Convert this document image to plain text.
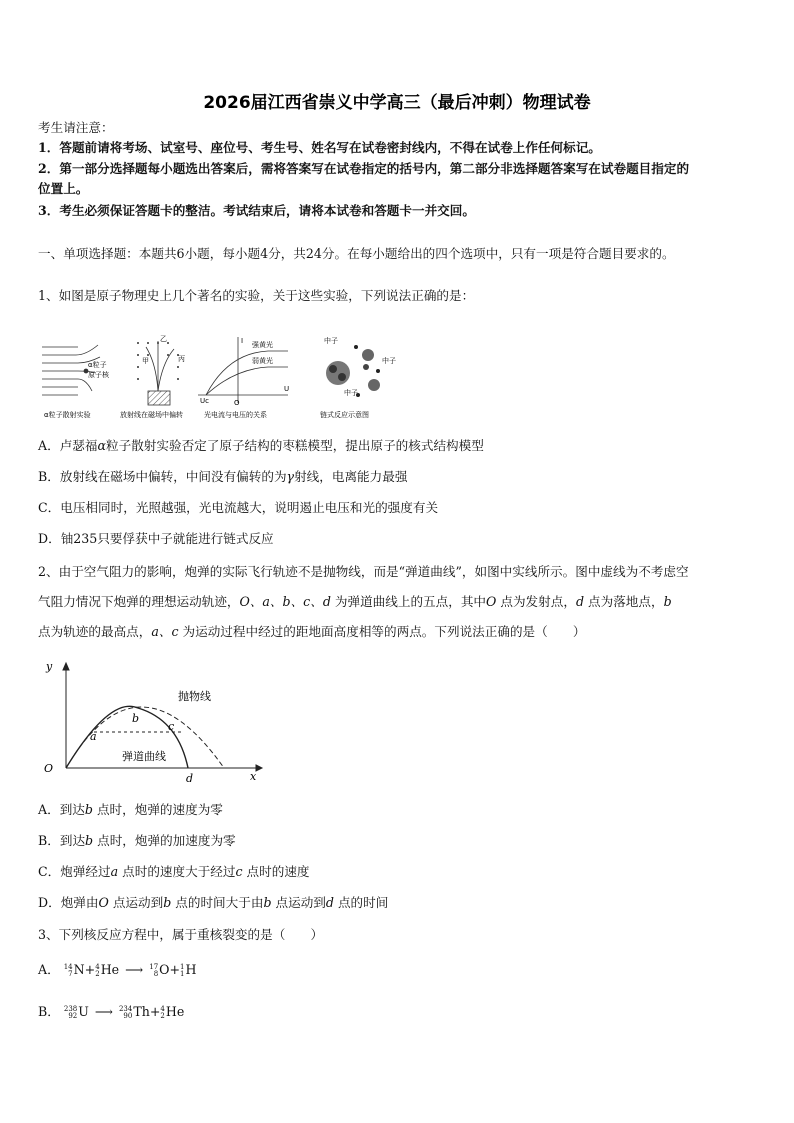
2026届江西省崇义中学高三（最后冲刺）物理试卷
考生请注意：
1．答题前请将考场、试室号、座位号、考生号、姓名写在试卷密封线内，不得在试卷上作任何标记。
2．第一部分选择题每小题选出答案后，需将答案写在试卷指定的括号内，第二部分非选择题答案写在试卷题目指定的
位置上。
3．考生必须保证答题卡的整洁。考试结束后，请将本试卷和答题卡一并交回。
一、单项选择题：本题共6小题，每小题4分，共24分。在每小题给出的四个选项中，只有一项是符合题目要求的。
1、如图是原子物理史上几个著名的实验，关于这些实验，下列说法正确的是：
α粒子
原子核
α粒子散射实验
乙
甲	丙
放射线在磁场中偏转
I 强黄光
弱黄光
U
O
Uc
光电流与电压的关系
中子
中子
中子
链式反应示意图
A．卢瑟福α粒子散射实验否定了原子结构的枣糕模型，提出原子的核式结构模型
B．放射线在磁场中偏转，中间没有偏转的为γ射线，电离能力最强
C．电压相同时，光照越强，光电流越大，说明遏止电压和光的强度有关
D．铀235只要俘获中子就能进行链式反应
2、由于空气阻力的影响，炮弹的实际飞行轨迹不是抛物线，而是“弹道曲线”，如图中实线所示。图中虚线为不考虑空
气阻力情况下炮弹的理想运动轨迹，O、a、b、c、d 为弹道曲线上的五点，其中O 点为发射点，d 点为落地点，b
点为轨迹的最高点，a、c 为运动过程中经过的距地面高度相等的两点。下列说法正确的是（　　）
y
O
a
b
c
d	x
抛物线
弹道曲线
A．到达b 点时，炮弹的速度为零
B．到达b 点时，炮弹的加速度为零
C．炮弹经过a 点时的速度大于经过c 点时的速度
D．炮弹由O 点运动到b 点的时间大于由b 点运动到d 点的时间
3、下列核反应方程中，属于重核裂变的是（　　）
A． 14
7 N+ 4
2 He ⟶ 17
8 O+ 1
1 H
B． 238
92 U ⟶ 234
90 Th+ 4
2 He
